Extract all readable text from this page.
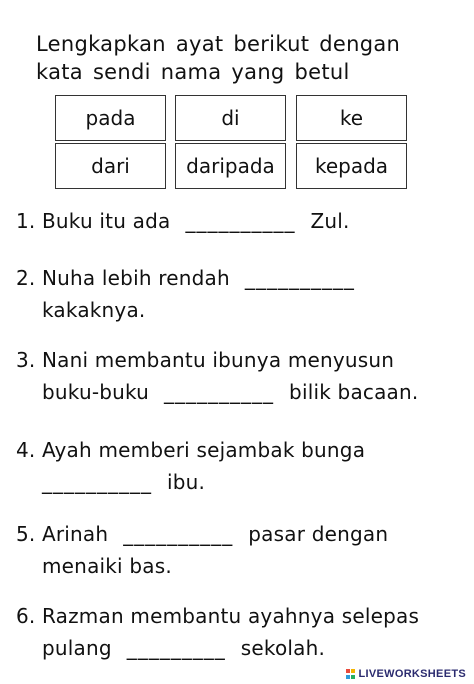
Lengkapkan ayat berikut dengan
kata sendi nama yang betul
pada	di	ke
dari	daripada	kepada
1. Buku itu ada __________ Zul.
2. Nuha lebih rendah __________
kakaknya.
3. Nani membantu ibunya menyusun
buku-buku __________ bilik bacaan.
4. Ayah memberi sejambak bunga
__________ ibu.
5. Arinah __________ pasar dengan
menaiki bas.
6. Razman membantu ayahnya selepas
pulang _________ sekolah.
LIVEWORKSHEETS
